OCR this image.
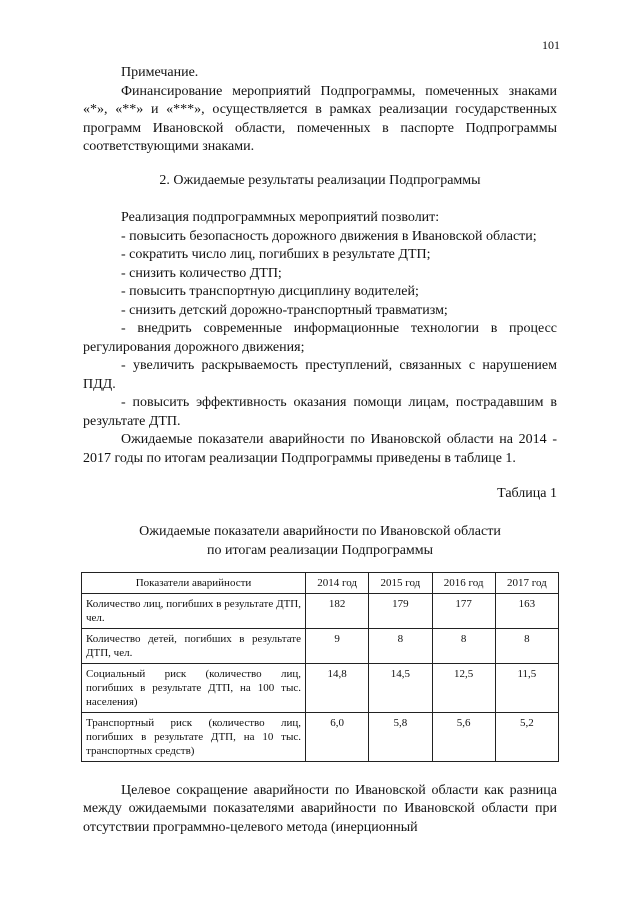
101

Примечание.

Финансирование мероприятий Подпрограммы, помеченных знаками «*», «**» и «***», осуществляется в рамках реализации государственных программ Ивановской области, помеченных в паспорте Подпрограммы соответствующими знаками.

2. Ожидаемые результаты реализации Подпрограммы

Реализация подпрограммных мероприятий позволит:

- повысить безопасность дорожного движения в Ивановской области;

- сократить число лиц, погибших в результате ДТП;

- снизить количество ДТП;

- повысить транспортную дисциплину водителей;

- снизить детский дорожно-транспортный травматизм;

- внедрить современные информационные технологии в процесс регулирования дорожного движения;

- увеличить раскрываемость преступлений, связанных с нарушением ПДД.

- повысить эффективность оказания помощи лицам, пострадавшим в результате ДТП.

Ожидаемые показатели аварийности по Ивановской области на 2014 - 2017 годы по итогам реализации Подпрограммы приведены в таблице 1.

Таблица 1

Ожидаемые показатели аварийности по Ивановской области
по итогам реализации Подпрограммы

Показатели аварийности	2014 год	2015 год	2016 год	2017 год
Количество лиц, погибших в результате ДТП, чел.	182	179	177	163
Количество детей, погибших в результате ДТП, чел.	9	8	8	8
Социальный риск (количество лиц, погибших в результате ДТП, на 100 тыс. населения)	14,8	14,5	12,5	11,5
Транспортный риск (количество лиц, погибших в результате ДТП, на 10 тыс. транспортных средств)	6,0	5,8	5,6	5,2

Целевое сокращение аварийности по Ивановской области как разница между ожидаемыми показателями аварийности по Ивановской области при отсутствии программно-целевого метода (инерционный
